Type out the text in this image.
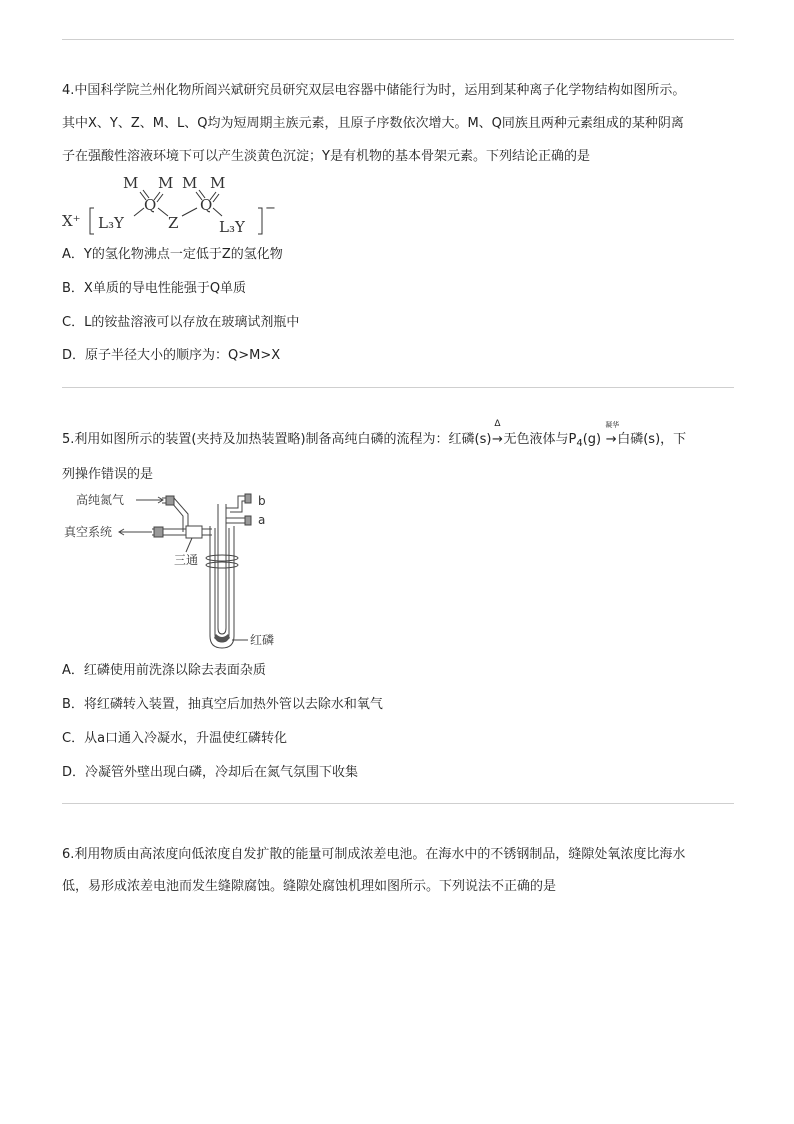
4.中国科学院兰州化物所阎兴斌研究员研究双层电容器中储能行为时，运用到某种离子化学物结构如图所示。
其中X、Y、Z、M、L、Q均为短周期主族元素，且原子序数依次增大。M、Q同族且两种元素组成的某种阴离
子在强酸性溶液环境下可以产生淡黄色沉淀；Y是有机物的基本骨架元素。下列结论正确的是
M M M M
Q	Q
X⁺ L₃Y	Z	L₃Y
−
A．Y的氢化物沸点一定低于Z的氢化物
B．X单质的导电性能强于Q单质
C．L的铵盐溶液可以存放在玻璃试剂瓶中
D．原子半径大小的顺序为：Q>M>X
5.利用如图所示的装置(夹持及加热装置略)制备高纯白磷的流程为：红磷(s)
Δ
→无色液体与$P_4(g)$
凝华
→白磷(s)，下
列操作错误的是
高纯氮气
真空系统
三通
红磷
b
a
A．红磷使用前洗涤以除去表面杂质
B．将红磷转入装置，抽真空后加热外管以去除水和氧气
C．从a口通入冷凝水，升温使红磷转化
D．冷凝管外壁出现白磷，冷却后在氮气氛围下收集
6.利用物质由高浓度向低浓度自发扩散的能量可制成浓差电池。在海水中的不锈钢制品，缝隙处氧浓度比海水
低，易形成浓差电池而发生缝隙腐蚀。缝隙处腐蚀机理如图所示。下列说法不正确的是
